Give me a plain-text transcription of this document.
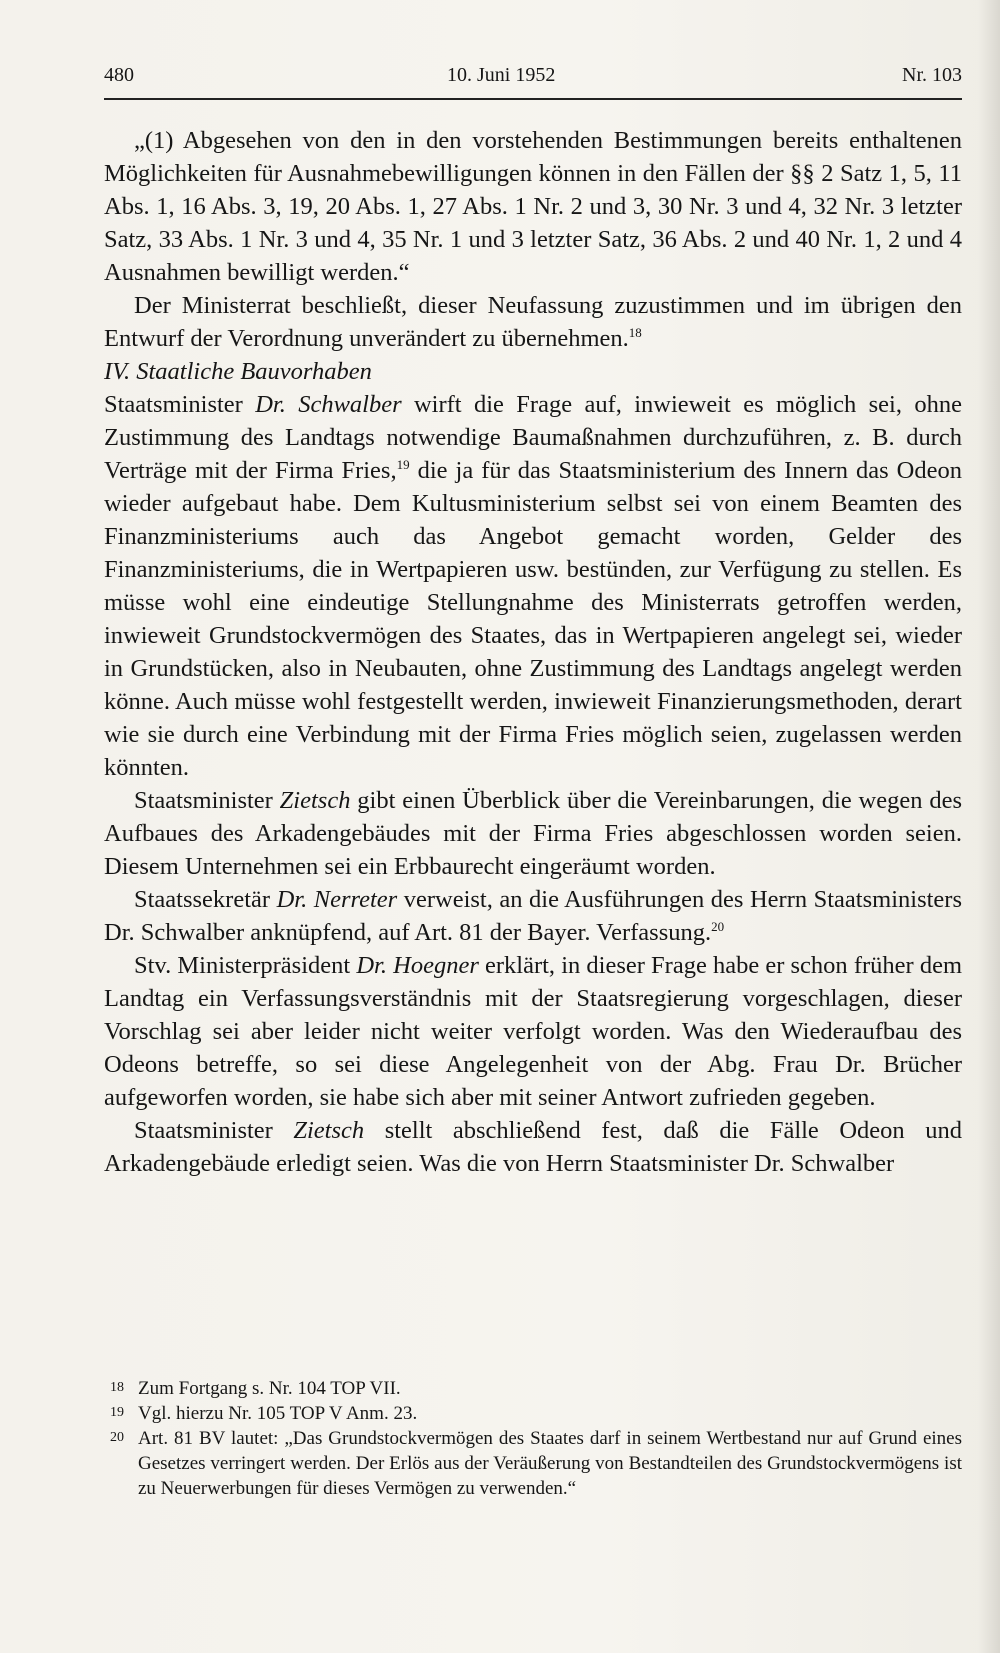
480	10. Juni 1952	Nr. 103

„(1) Abgesehen von den in den vorstehenden Bestimmungen bereits enthaltenen Möglichkeiten für Ausnahmebewilligungen können in den Fällen der §§ 2 Satz 1, 5, 11 Abs. 1, 16 Abs. 3, 19, 20 Abs. 1, 27 Abs. 1 Nr. 2 und 3, 30 Nr. 3 und 4, 32 Nr. 3 letzter Satz, 33 Abs. 1 Nr. 3 und 4, 35 Nr. 1 und 3 letzter Satz, 36 Abs. 2 und 40 Nr. 1, 2 und 4 Ausnahmen bewilligt werden.“

Der Ministerrat beschließt, dieser Neufassung zuzustimmen und im übrigen den Entwurf der Verordnung unverändert zu übernehmen.$^{18}$

IV. Staatliche Bauvorhaben

Staatsminister Dr. Schwalber wirft die Frage auf, inwieweit es möglich sei, ohne Zustimmung des Landtags notwendige Baumaßnahmen durchzuführen, z. B. durch Verträge mit der Firma Fries,$^{19}$ die ja für das Staatsministerium des Innern das Odeon wieder aufgebaut habe. Dem Kultusministerium selbst sei von einem Beamten des Finanzministeriums auch das Angebot gemacht worden, Gelder des Finanzministeriums, die in Wertpapieren usw. bestünden, zur Verfügung zu stellen. Es müsse wohl eine eindeutige Stellungnahme des Ministerrats getroffen werden, inwieweit Grundstockvermögen des Staates, das in Wertpapieren angelegt sei, wieder in Grundstücken, also in Neubauten, ohne Zustimmung des Landtags angelegt werden könne. Auch müsse wohl festgestellt werden, inwieweit Finanzierungsmethoden, derart wie sie durch eine Verbindung mit der Firma Fries möglich seien, zugelassen werden könnten.

Staatsminister Zietsch gibt einen Überblick über die Vereinbarungen, die wegen des Aufbaues des Arkadengebäudes mit der Firma Fries abgeschlossen worden seien. Diesem Unternehmen sei ein Erbbaurecht eingeräumt worden.

Staatssekretär Dr. Nerreter verweist, an die Ausführungen des Herrn Staatsministers Dr. Schwalber anknüpfend, auf Art. 81 der Bayer. Verfassung.$^{20}$

Stv. Ministerpräsident Dr. Hoegner erklärt, in dieser Frage habe er schon früher dem Landtag ein Verfassungsverständnis mit der Staatsregierung vorgeschlagen, dieser Vorschlag sei aber leider nicht weiter verfolgt worden. Was den Wiederaufbau des Odeons betreffe, so sei diese Angelegenheit von der Abg. Frau Dr. Brücher aufgeworfen worden, sie habe sich aber mit seiner Antwort zufrieden gegeben.

Staatsminister Zietsch stellt abschließend fest, daß die Fälle Odeon und Arkadengebäude erledigt seien. Was die von Herrn Staatsminister Dr. Schwalber

18 Zum Fortgang s. Nr. 104 TOP VII.
19 Vgl. hierzu Nr. 105 TOP V Anm. 23.
20 Art. 81 BV lautet: „Das Grundstockvermögen des Staates darf in seinem Wertbestand nur auf Grund eines Gesetzes verringert werden. Der Erlös aus der Veräußerung von Bestandteilen des Grundstockvermögens ist zu Neuerwerbungen für dieses Vermögen zu verwenden.“
